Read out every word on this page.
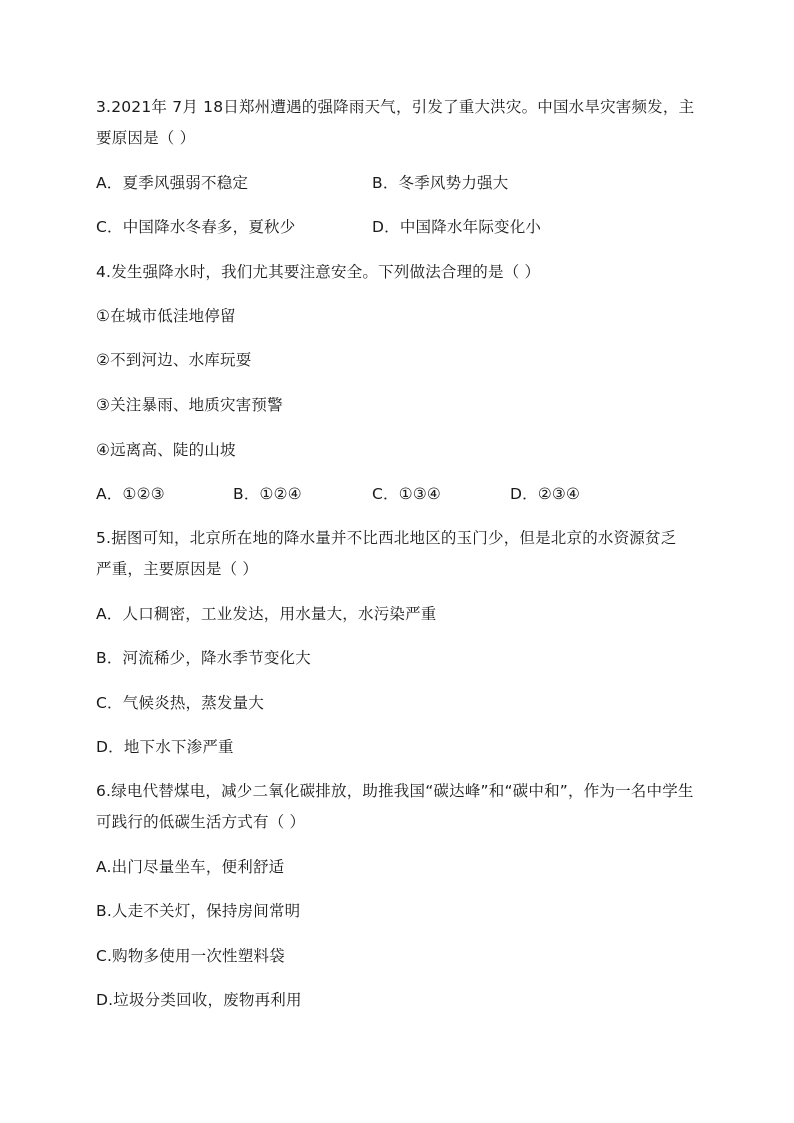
3.2021年 7月 18日郑州遭遇的强降雨天气，引发了重大洪灾。中国水旱灾害频发，主
要原因是（ ）
A．夏季风强弱不稳定	B．冬季风势力强大
C．中国降水冬春多，夏秋少	D．中国降水年际变化小
4.发生强降水时，我们尤其要注意安全。下列做法合理的是（ ）
①在城市低洼地停留
②不到河边、水库玩耍
③关注暴雨、地质灾害预警
④远离高、陡的山坡
A．①②③	B．①②④	C．①③④	D．②③④
5.据图可知，北京所在地的降水量并不比西北地区的玉门少，但是北京的水资源贫乏
严重，主要原因是（ ）
A．人口稠密，工业发达，用水量大，水污染严重
B．河流稀少，降水季节变化大
C．气候炎热，蒸发量大
D．地下水下渗严重
6.绿电代替煤电，减少二氧化碳排放，助推我国“碳达峰”和“碳中和”，作为一名中学生
可践行的低碳生活方式有（ ）
A.出门尽量坐车，便利舒适
B.人走不关灯，保持房间常明
C.购物多使用一次性塑料袋
D.垃圾分类回收，废物再利用
